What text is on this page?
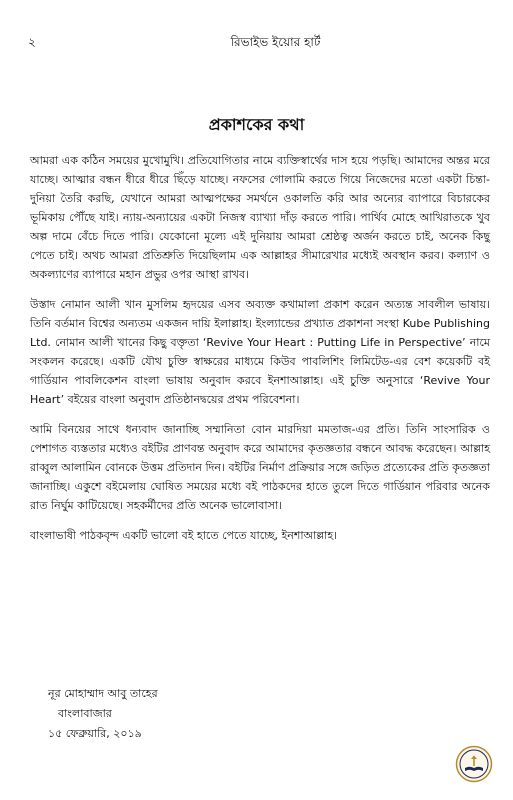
২	রিভাইভ ইয়োর হার্ট
প্রকাশকের কথা

আমরা এক কঠিন সময়ের মুখোমুখি। প্রতিযোগিতার নামে ব্যক্তিস্বার্থের দাস হয়ে পড়ছি। আমাদের অন্তর মরে যাচ্ছে। আত্মার বন্ধন ধীরে ধীরে ছিঁড়ে যাচ্ছে। নফসের গোলামি করতে গিয়ে নিজেদের মতো একটা চিন্তা-দুনিয়া তৈরি করছি, যেখানে আমরা আত্মপক্ষের সমর্থনে ওকালতি করি আর অন্যের ব্যাপারে বিচারকের ভূমিকায় পৌঁছে যাই। ন্যায়-অন্যায়ের একটা নিজস্ব ব্যাখ্যা দাঁড় করতে পারি। পার্থিব মোহে আখিরাতকে খুব অল্প দামে বেঁচে দিতে পারি। যেকোনো মূল্যে এই দুনিয়ায় আমরা শ্রেষ্ঠত্ব অর্জন করতে চাই, অনেক কিছু পেতে চাই। অথচ আমরা প্রতিশ্রুতি দিয়েছিলাম এক আল্লাহর সীমারেখার মধ্যেই অবস্থান করব। কল্যাণ ও অকল্যাণের ব্যাপারে মহান প্রভুর ওপর আস্থা রাখব।

উস্তাদ নোমান আলী খান মুসলিম হৃদয়ের এসব অব্যক্ত কথামালা প্রকাশ করেন অত্যন্ত সাবলীল ভাষায়। তিনি বর্তমান বিশ্বের অন্যতম একজন দায়ি ইলাল্লাহ। ইংল্যান্ডের প্রখ্যাত প্রকাশনা সংস্থা Kube Publishing Ltd. নোমান আলী খানের কিছু বক্তৃতা ‘Revive Your Heart : Putting Life in Perspective’ নামে সংকলন করেছে। একটি যৌথ চুক্তি স্বাক্ষরের মাধ্যমে কিউব পাবলিশিং লিমিটেড-এর বেশ কয়েকটি বই গার্ডিয়ান পাবলিকেশন বাংলা ভাষায় অনুবাদ করবে ইনশাআল্লাহ। এই চুক্তি অনুসারে ‘Revive Your Heart’ বইয়ের বাংলা অনুবাদ প্রতিষ্ঠানদ্বয়ের প্রথম পরিবেশনা।

আমি বিনয়ের সাথে ধন্যবাদ জানাচ্ছি সম্মানিতা বোন মারদিয়া মমতাজ-এর প্রতি। তিনি সাংসারিক ও পেশাগত ব্যস্ততার মধ্যেও বইটির প্রাণবন্ত অনুবাদ করে আমাদের কৃতজ্ঞতার বন্ধনে আবদ্ধ করেছেন। আল্লাহ রাব্বুল আলামিন বোনকে উত্তম প্রতিদান দিন। বইটির নির্মাণ প্রক্রিয়ার সঙ্গে জড়িত প্রত্যেকের প্রতি কৃতজ্ঞতা জানাচ্ছি। একুশে বইমেলায় ঘোষিত সময়ের মধ্যে বই পাঠকদের হাতে তুলে দিতে গার্ডিয়ান পরিবার অনেক রাত নির্ঘুম কাটিয়েছে। সহকর্মীদের প্রতি অনেক ভালোবাসা।

বাংলাভাষী পাঠকবৃন্দ একটি ভালো বই হাতে পেতে যাচ্ছে, ইনশাআল্লাহ।

নূর মোহাম্মাদ আবু তাহের
বাংলাবাজার
১৫ ফেব্রুয়ারি, ২০১৯
